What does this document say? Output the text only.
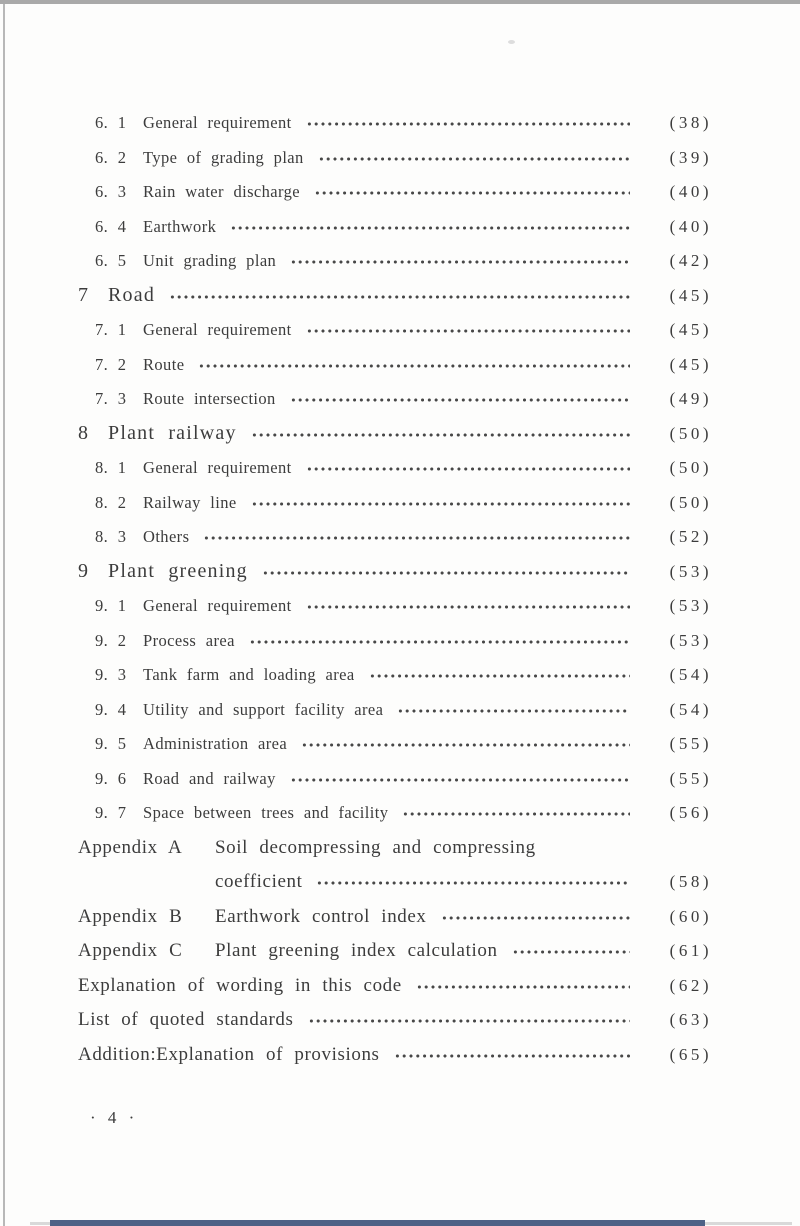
6. 1	General requirement	(38)
6. 2	Type of grading plan	(39)
6. 3	Rain water discharge	(40)
6. 4	Earthwork	(40)
6. 5	Unit grading plan	(42)
7 Road	(45)
7. 1	General requirement	(45)
7. 2	Route	(45)
7. 3	Route intersection	(49)
8 Plant railway	(50)
8. 1	General requirement	(50)
8. 2	Railway line	(50)
8. 3	Others	(52)
9 Plant greening	(53)
9. 1	General requirement	(53)
9. 2	Process area	(53)
9. 3	Tank farm and loading area	(54)
9. 4	Utility and support facility area	(54)
9. 5	Administration area	(55)
9. 6	Road and railway	(55)
9. 7	Space between trees and facility	(56)
Appendix A	Soil decompressing and compressing
coefficient	(58)
Appendix B	Earthwork control index	(60)
Appendix C	Plant greening index calculation	(61)
Explanation of wording in this code	(62)
List of quoted standards	(63)
Addition:Explanation of provisions	(65)
· 4 ·
